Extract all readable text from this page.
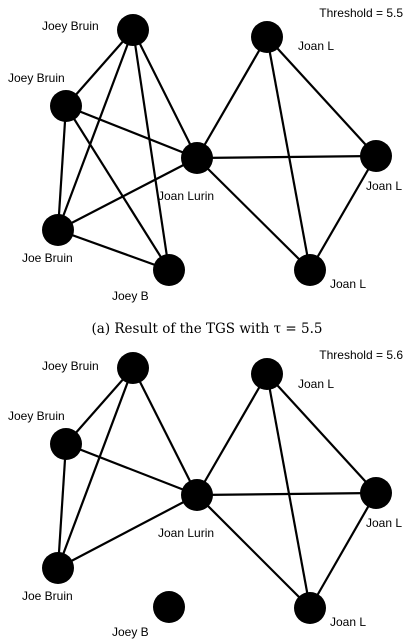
Joey Bruin
Joey Bruin
Joe Bruin
Joey B
Joan Lurin
Joan L
Joan L
Joan L
Threshold = 5.5
(a) Result of the TGS with τ = 5.5
Joey Bruin
Joey Bruin
Joe Bruin
Joey B
Joan Lurin
Joan L
Joan L
Joan L
Threshold = 5.6
